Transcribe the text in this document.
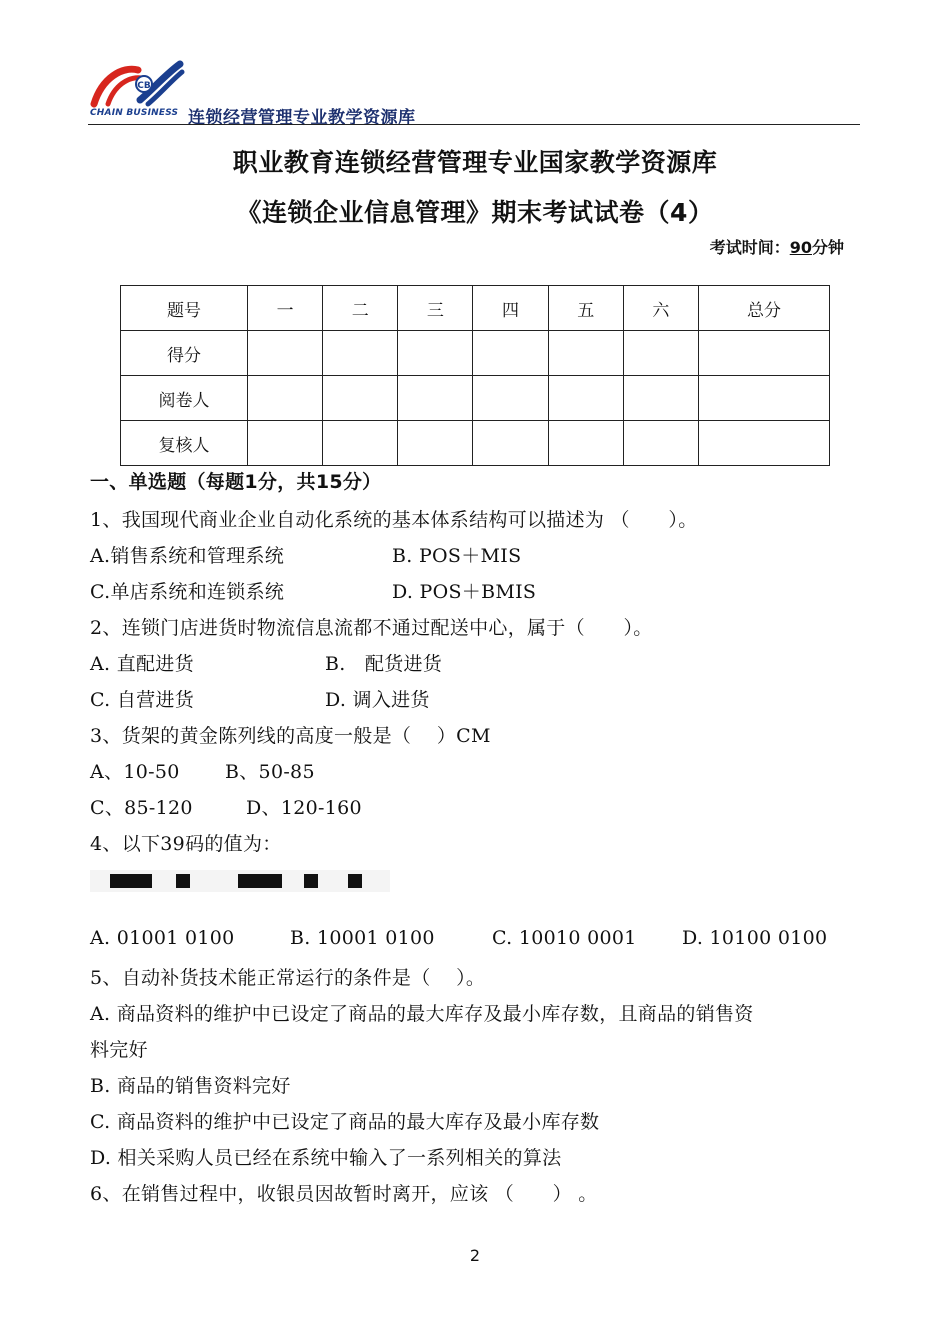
CB
CHAIN BUSINESS 连锁经营管理专业教学资源库
职业教育连锁经营管理专业国家教学资源库
《连锁企业信息管理》期末考试试卷（4）
考试时间：90分钟
题号	一	二	三	四	五	六	总分
得分							
阅卷人							
复核人							
一、单选题（每题1分，共15分）
1、我国现代商业企业自动化系统的基本体系结构可以描述为 （　　）。
A.销售系统和管理系统	B. POS＋MIS
C.单店系统和连锁系统	D. POS＋BMIS
2、连锁门店进货时物流信息流都不通过配送中心，属于（　　）。
A. 直配进货	B.　配货进货
C. 自营进货	D. 调入进货
3、货架的黄金陈列线的高度一般是（　 ）CM
A、10-50 B、50-85
C、85-120	D、120-160
4、以下39码的值为：
A. 01001 0100	B. 10001 0100	C. 10010 0001 D. 10100 0100
5、自动补货技术能正常运行的条件是（　 ）。
A. 商品资料的维护中已设定了商品的最大库存及最小库存数，且商品的销售资
料完好
B. 商品的销售资料完好
C. 商品资料的维护中已设定了商品的最大库存及最小库存数
D. 相关采购人员已经在系统中输入了一系列相关的算法
6、在销售过程中，收银员因故暂时离开，应该 （　　） 。
2
